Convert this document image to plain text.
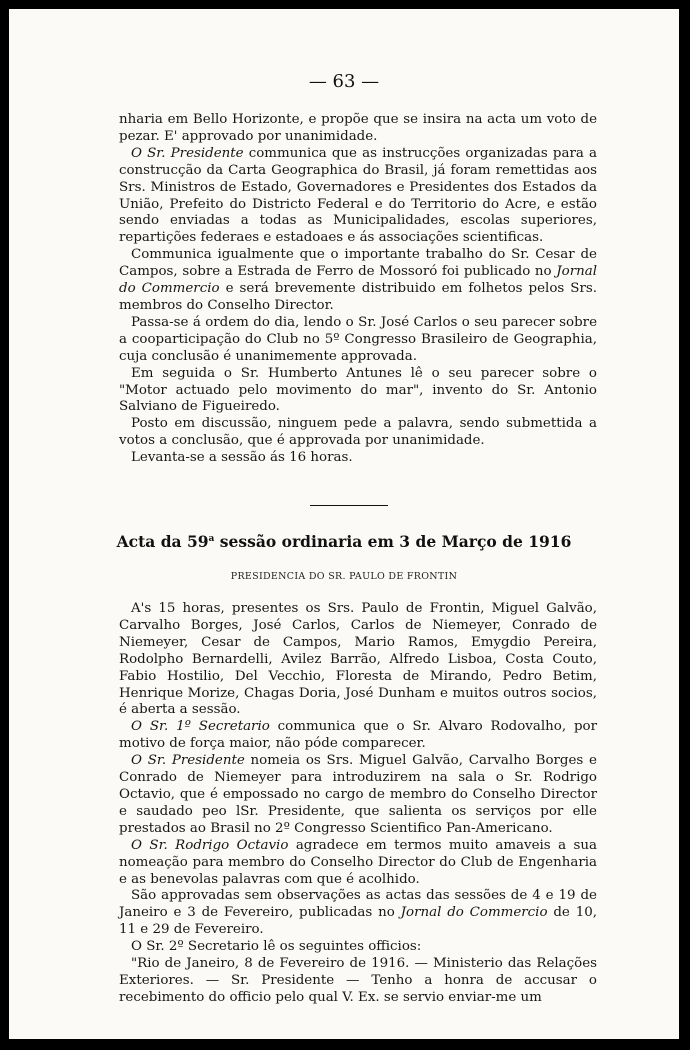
— 63 —

nharia em Bello Horizonte, e propõe que se insira na acta um voto de pezar. E' approvado por unanimidade.

O Sr. Presidente communica que as instrucções organizadas para a construcção da Carta Geographica do Brasil, já foram remettidas aos Srs. Ministros de Estado, Governadores e Presidentes dos Estados da União, Prefeito do Districto Federal e do Territorio do Acre, e estão sendo enviadas a todas as Municipalidades, escolas superiores, repartições federaes e estadoaes e ás associações scientificas.

Communica igualmente que o importante trabalho do Sr. Cesar de Campos, sobre a Estrada de Ferro de Mossoró foi publicado no Jornal do Commercio e será brevemente distribuido em folhetos pelos Srs. membros do Conselho Director.

Passa-se á ordem do dia, lendo o Sr. José Carlos o seu parecer sobre a cooparticipação do Club no 5º Congresso Brasileiro de Geographia, cuja conclusão é unanimemente approvada.

Em seguida o Sr. Humberto Antunes lê o seu parecer sobre o "Motor actuado pelo movimento do mar", invento do Sr. Antonio Salviano de Figueiredo.

Posto em discussão, ninguem pede a palavra, sendo submettida a votos a conclusão, que é approvada por unanimidade.

Levanta-se a sessão ás 16 horas.

Acta da 59$^a$ sessão ordinaria em 3 de Março de 1916
PRESIDENCIA DO SR. PAULO DE FRONTIN

A's 15 horas, presentes os Srs. Paulo de Frontin, Miguel Galvão, Carvalho Borges, José Carlos, Carlos de Niemeyer, Conrado de Niemeyer, Cesar de Campos, Mario Ramos, Emygdio Pereira, Rodolpho Bernardelli, Avilez Barrão, Alfredo Lisboa, Costa Couto, Fabio Hostilio, Del Vecchio, Floresta de Mirando, Pedro Betim, Henrique Morize, Chagas Doria, José Dunham e muitos outros socios, é aberta a sessão.

O Sr. 1º Secretario communica que o Sr. Alvaro Rodovalho, por motivo de força maior, não póde comparecer.

O Sr. Presidente nomeia os Srs. Miguel Galvão, Carvalho Borges e Conrado de Niemeyer para introduzirem na sala o Sr. Rodrigo Octavio, que é empossado no cargo de membro do Conselho Director e saudado peo lSr. Presidente, que salienta os serviços por elle prestados ao Brasil no 2º Congresso Scientifico Pan-Americano.

O Sr. Rodrigo Octavio agradece em termos muito amaveis a sua nomeação para membro do Conselho Director do Club de Engenharia e as benevolas palavras com que é acolhido.

São approvadas sem observações as actas das sessões de 4 e 19 de Janeiro e 3 de Fevereiro, publicadas no Jornal do Commercio de 10, 11 e 29 de Fevereiro.

O Sr. 2º Secretario lê os seguintes officios:

"Rio de Janeiro, 8 de Fevereiro de 1916. — Ministerio das Relações Exteriores. — Sr. Presidente — Tenho a honra de accusar o recebimento do officio pelo qual V. Ex. se servio enviar-me um
